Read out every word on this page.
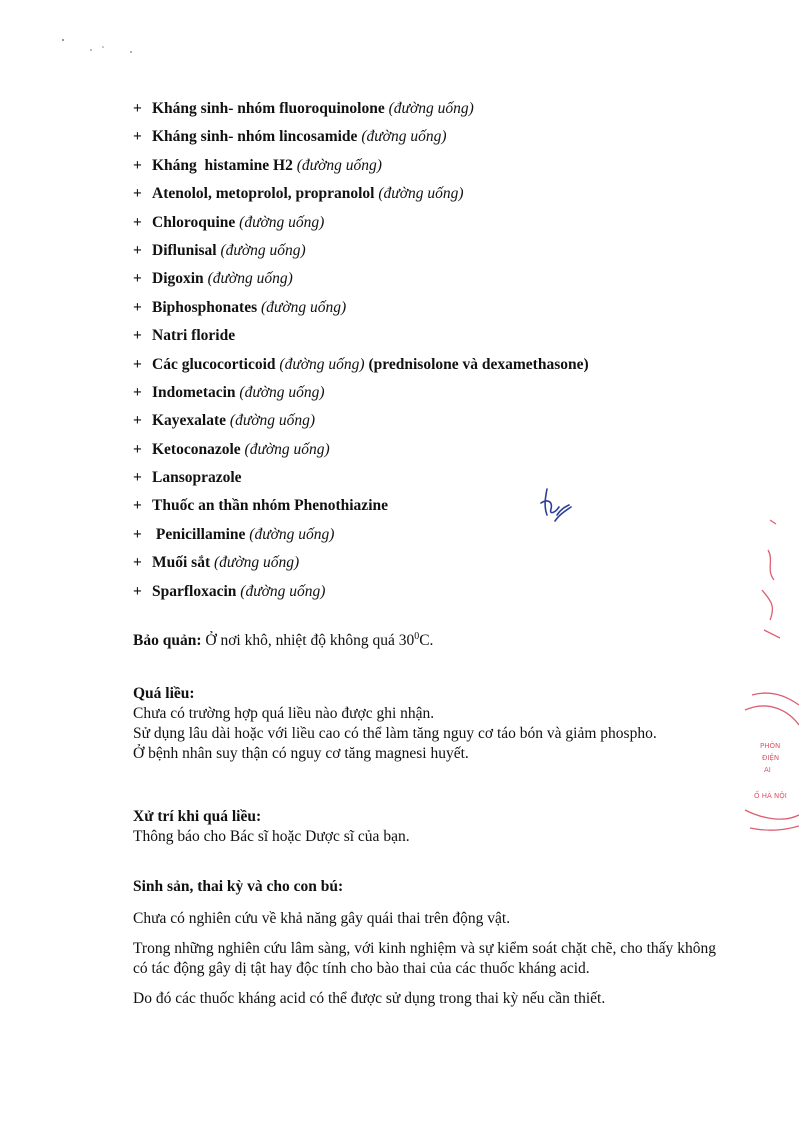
+ Kháng sinh- nhóm fluoroquinolone (đường uống)
+ Kháng sinh- nhóm lincosamide (đường uống)
+ Kháng  histamine H2 (đường uống)
+ Atenolol, metoprolol, propranolol (đường uống)
+ Chloroquine (đường uống)
+ Diflunisal (đường uống)
+ Digoxin (đường uống)
+ Biphosphonates (đường uống)
+ Natri floride
+ Các glucocorticoid (đường uống) (prednisolone và dexamethasone)
+ Indometacin (đường uống)
+ Kayexalate (đường uống)
+ Ketoconazole (đường uống)
+ Lansoprazole
+ Thuốc an thần nhóm Phenothiazine
+ Penicillamine (đường uống)
+ Muối sắt (đường uống)
+ Sparfloxacin (đường uống)
Bảo quản: Ở nơi khô, nhiệt độ không quá $30^0C$.
Quá liều:

Chưa có trường hợp quá liều nào được ghi nhận.

Sử dụng lâu dài hoặc với liều cao có thể làm tăng nguy cơ táo bón và giảm phospho.

Ở bệnh nhân suy thận có nguy cơ tăng magnesi huyết.

Xử trí khi quá liều:

Thông báo cho Bác sĩ hoặc Dược sĩ của bạn.

Sinh sản, thai kỳ và cho con bú:

Chưa có nghiên cứu về khả năng gây quái thai trên động vật.

Trong những nghiên cứu lâm sàng, với kinh nghiệm và sự kiểm soát chặt chẽ, cho thấy không có tác động gây dị tật hay độc tính cho bào thai của các thuốc kháng acid.

Do đó các thuốc kháng acid có thể được sử dụng trong thai kỳ nếu cần thiết.

PHÒN
ĐIỆN
AI
Ố HÀ NỘI
